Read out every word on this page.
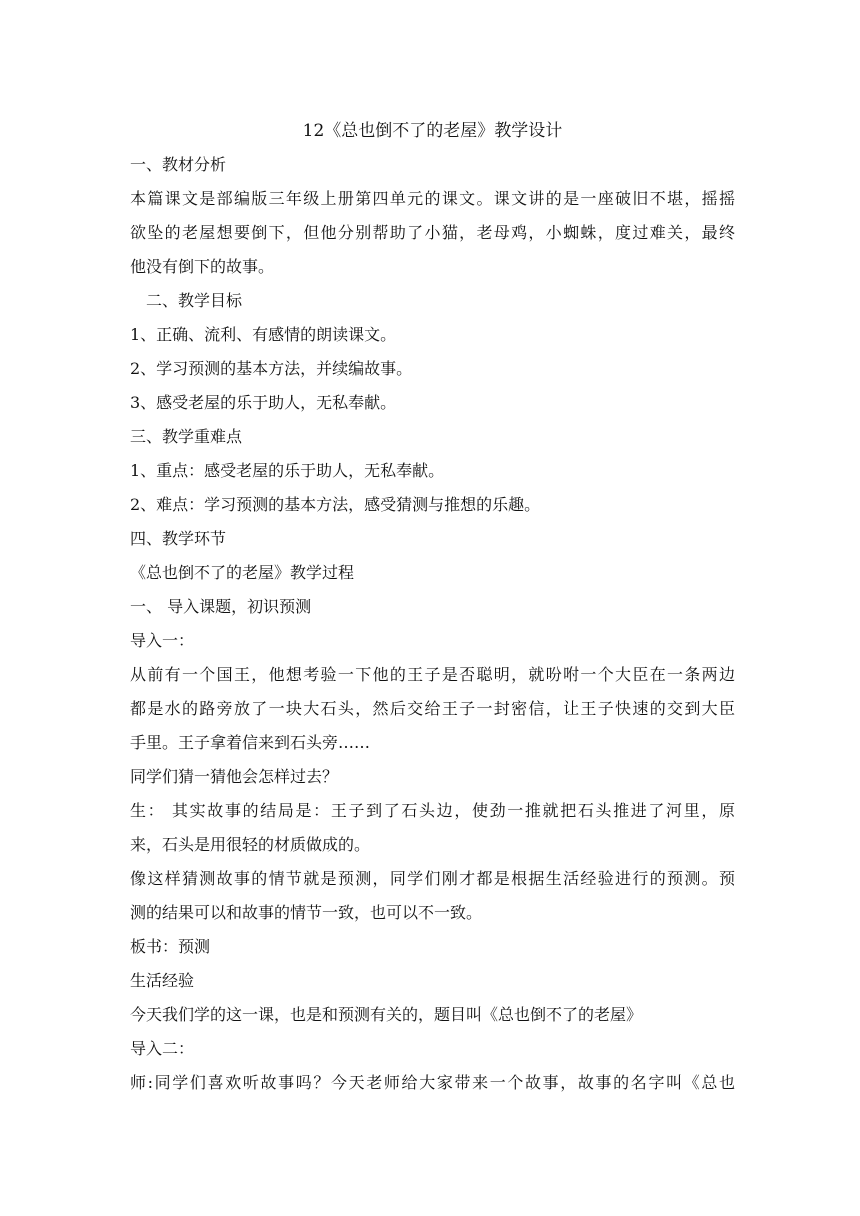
12《总也倒不了的老屋》教学设计
一、教材分析
本篇课文是部编版三年级上册第四单元的课文。课文讲的是一座破旧不堪，摇摇
欲坠的老屋想要倒下，但他分别帮助了小猫，老母鸡，小蜘蛛，度过难关，最终
他没有倒下的故事。
二、教学目标
1、正确、流利、有感情的朗读课文。
2、学习预测的基本方法，并续编故事。
3、感受老屋的乐于助人，无私奉献。
三、教学重难点
1、重点：感受老屋的乐于助人，无私奉献。
2、难点：学习预测的基本方法，感受猜测与推想的乐趣。
四、教学环节
《总也倒不了的老屋》教学过程
一、 导入课题，初识预测
导入一：
从前有一个国王，他想考验一下他的王子是否聪明，就吩咐一个大臣在一条两边
都是水的路旁放了一块大石头，然后交给王子一封密信，让王子快速的交到大臣
手里。王子拿着信来到石头旁……
同学们猜一猜他会怎样过去？
生： 其实故事的结局是：王子到了石头边，使劲一推就把石头推进了河里，原
来，石头是用很轻的材质做成的。
像这样猜测故事的情节就是预测，同学们刚才都是根据生活经验进行的预测。预
测的结果可以和故事的情节一致，也可以不一致。
板书：预测
生活经验
今天我们学的这一课，也是和预测有关的，题目叫《总也倒不了的老屋》
导入二：
师:同学们喜欢听故事吗？今天老师给大家带来一个故事，故事的名字叫《总也
